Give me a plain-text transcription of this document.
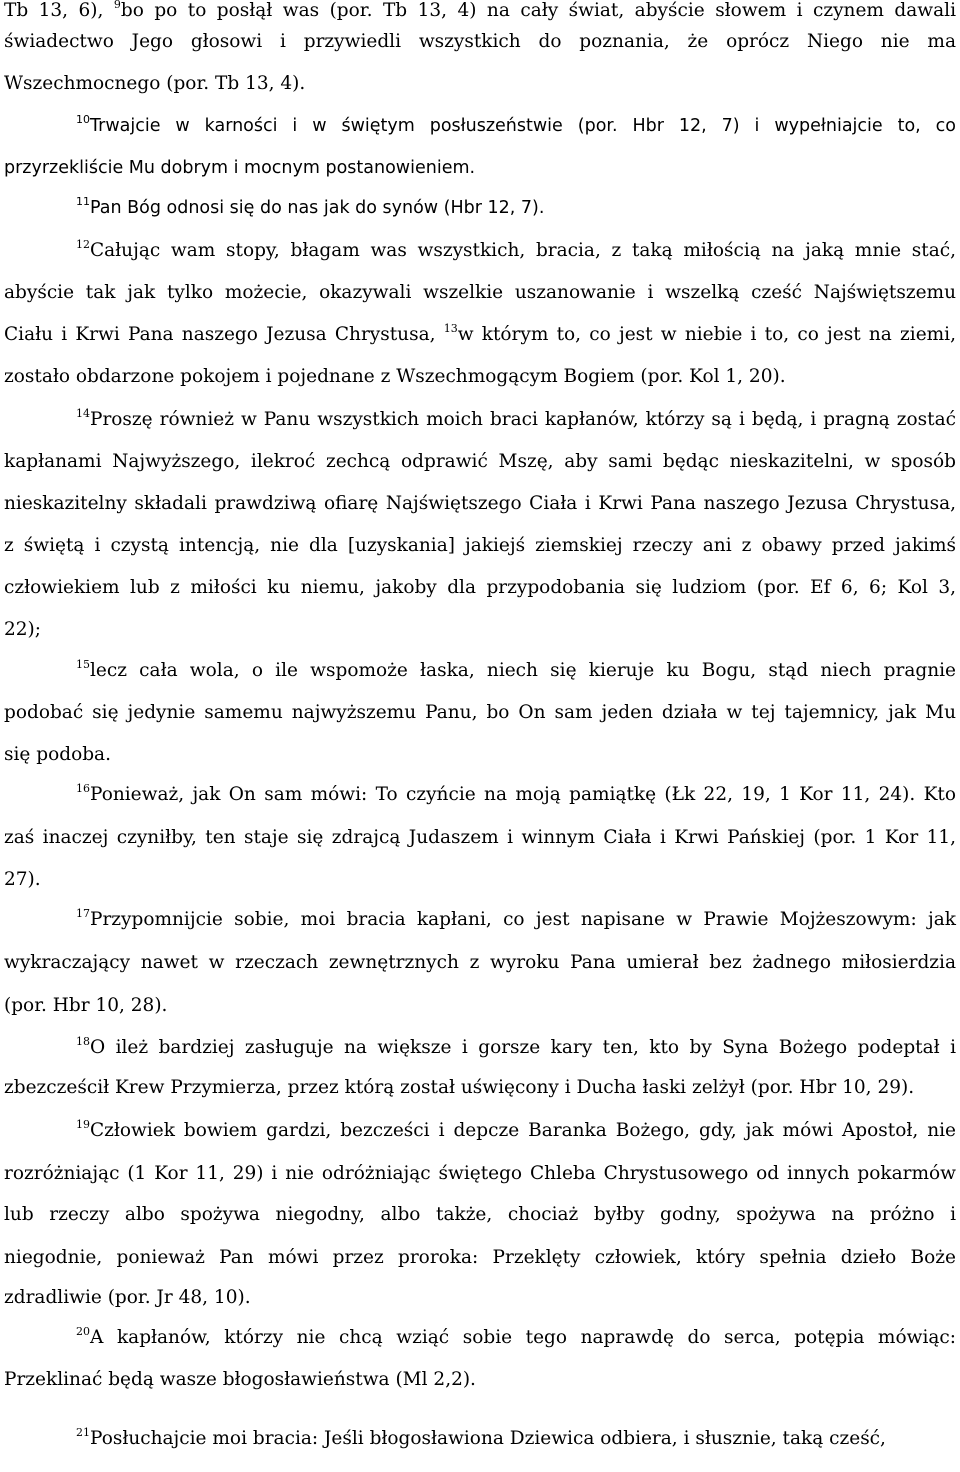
Tb 13, 6), $^9$bo po to posłął was (por. Tb 13, 4) na cały świat, abyście słowem i czynem dawali
świadectwo Jego głosowi i przywiedli wszystkich do poznania, że oprócz Niego nie ma
Wszechmocnego (por. Tb 13, 4).
$^{10}$Trwajcie w karności i w świętym posłuszeństwie (por. Hbr 12, 7) i wypełniajcie to, co
przyrzekliście Mu dobrym i mocnym postanowieniem.
$^{11}$Pan Bóg odnosi się do nas jak do synów (Hbr 12, 7).
$^{12}$Całując wam stopy, błagam was wszystkich, bracia, z taką miłością na jaką mnie stać,
abyście tak jak tylko możecie, okazywali wszelkie uszanowanie i wszelką cześć Najświętszemu
Ciału i Krwi Pana naszego Jezusa Chrystusa, $^{13}$w którym to, co jest w niebie i to, co jest na ziemi,
zostało obdarzone pokojem i pojednane z Wszechmogącym Bogiem (por. Kol 1, 20).
$^{14}$Proszę również w Panu wszystkich moich braci kapłanów, którzy są i będą, i pragną zostać
kapłanami Najwyższego, ilekroć zechcą odprawić Mszę, aby sami będąc nieskazitelni, w sposób
nieskazitelny składali prawdziwą ofiarę Najświętszego Ciała i Krwi Pana naszego Jezusa Chrystusa,
z świętą i czystą intencją, nie dla [uzyskania] jakiejś ziemskiej rzeczy ani z obawy przed jakimś
człowiekiem lub z miłości ku niemu, jakoby dla przypodobania się ludziom (por. Ef 6, 6; Kol 3,
22);
$^{15}$lecz cała wola, o ile wspomoże łaska, niech się kieruje ku Bogu, stąd niech pragnie
podobać się jedynie samemu najwyższemu Panu, bo On sam jeden działa w tej tajemnicy, jak Mu
się podoba.
$^{16}$Ponieważ, jak On sam mówi: To czyńcie na moją pamiątkę (Łk 22, 19, 1 Kor 11, 24). Kto
zaś inaczej czyniłby, ten staje się zdrajcą Judaszem i winnym Ciała i Krwi Pańskiej (por. 1 Kor 11,
27).
$^{17}$Przypomnijcie sobie, moi bracia kapłani, co jest napisane w Prawie Mojżeszowym: jak
wykraczający nawet w rzeczach zewnętrznych z wyroku Pana umierał bez żadnego miłosierdzia
(por. Hbr 10, 28).
$^{18}$O ileż bardziej zasługuje na większe i gorsze kary ten, kto by Syna Bożego podeptał i
zbezcześcił Krew Przymierza, przez którą został uświęcony i Ducha łaski zelżył (por. Hbr 10, 29).
$^{19}$Człowiek bowiem gardzi, bezcześci i depcze Baranka Bożego, gdy, jak mówi Apostoł, nie
rozróżniając (1 Kor 11, 29) i nie odróżniając świętego Chleba Chrystusowego od innych pokarmów
lub rzeczy albo spożywa niegodny, albo także, chociaż byłby godny, spożywa na próżno i
niegodnie, ponieważ Pan mówi przez proroka: Przeklęty człowiek, który spełnia dzieło Boże
zdradliwie (por. Jr 48, 10).
$^{20}$A kapłanów, którzy nie chcą wziąć sobie tego naprawdę do serca, potępia mówiąc:
Przeklinać będą wasze błogosławieństwa (Ml 2,2).
$^{21}$Posłuchajcie moi bracia: Jeśli błogosławiona Dziewica odbiera, i słusznie, taką cześć,
